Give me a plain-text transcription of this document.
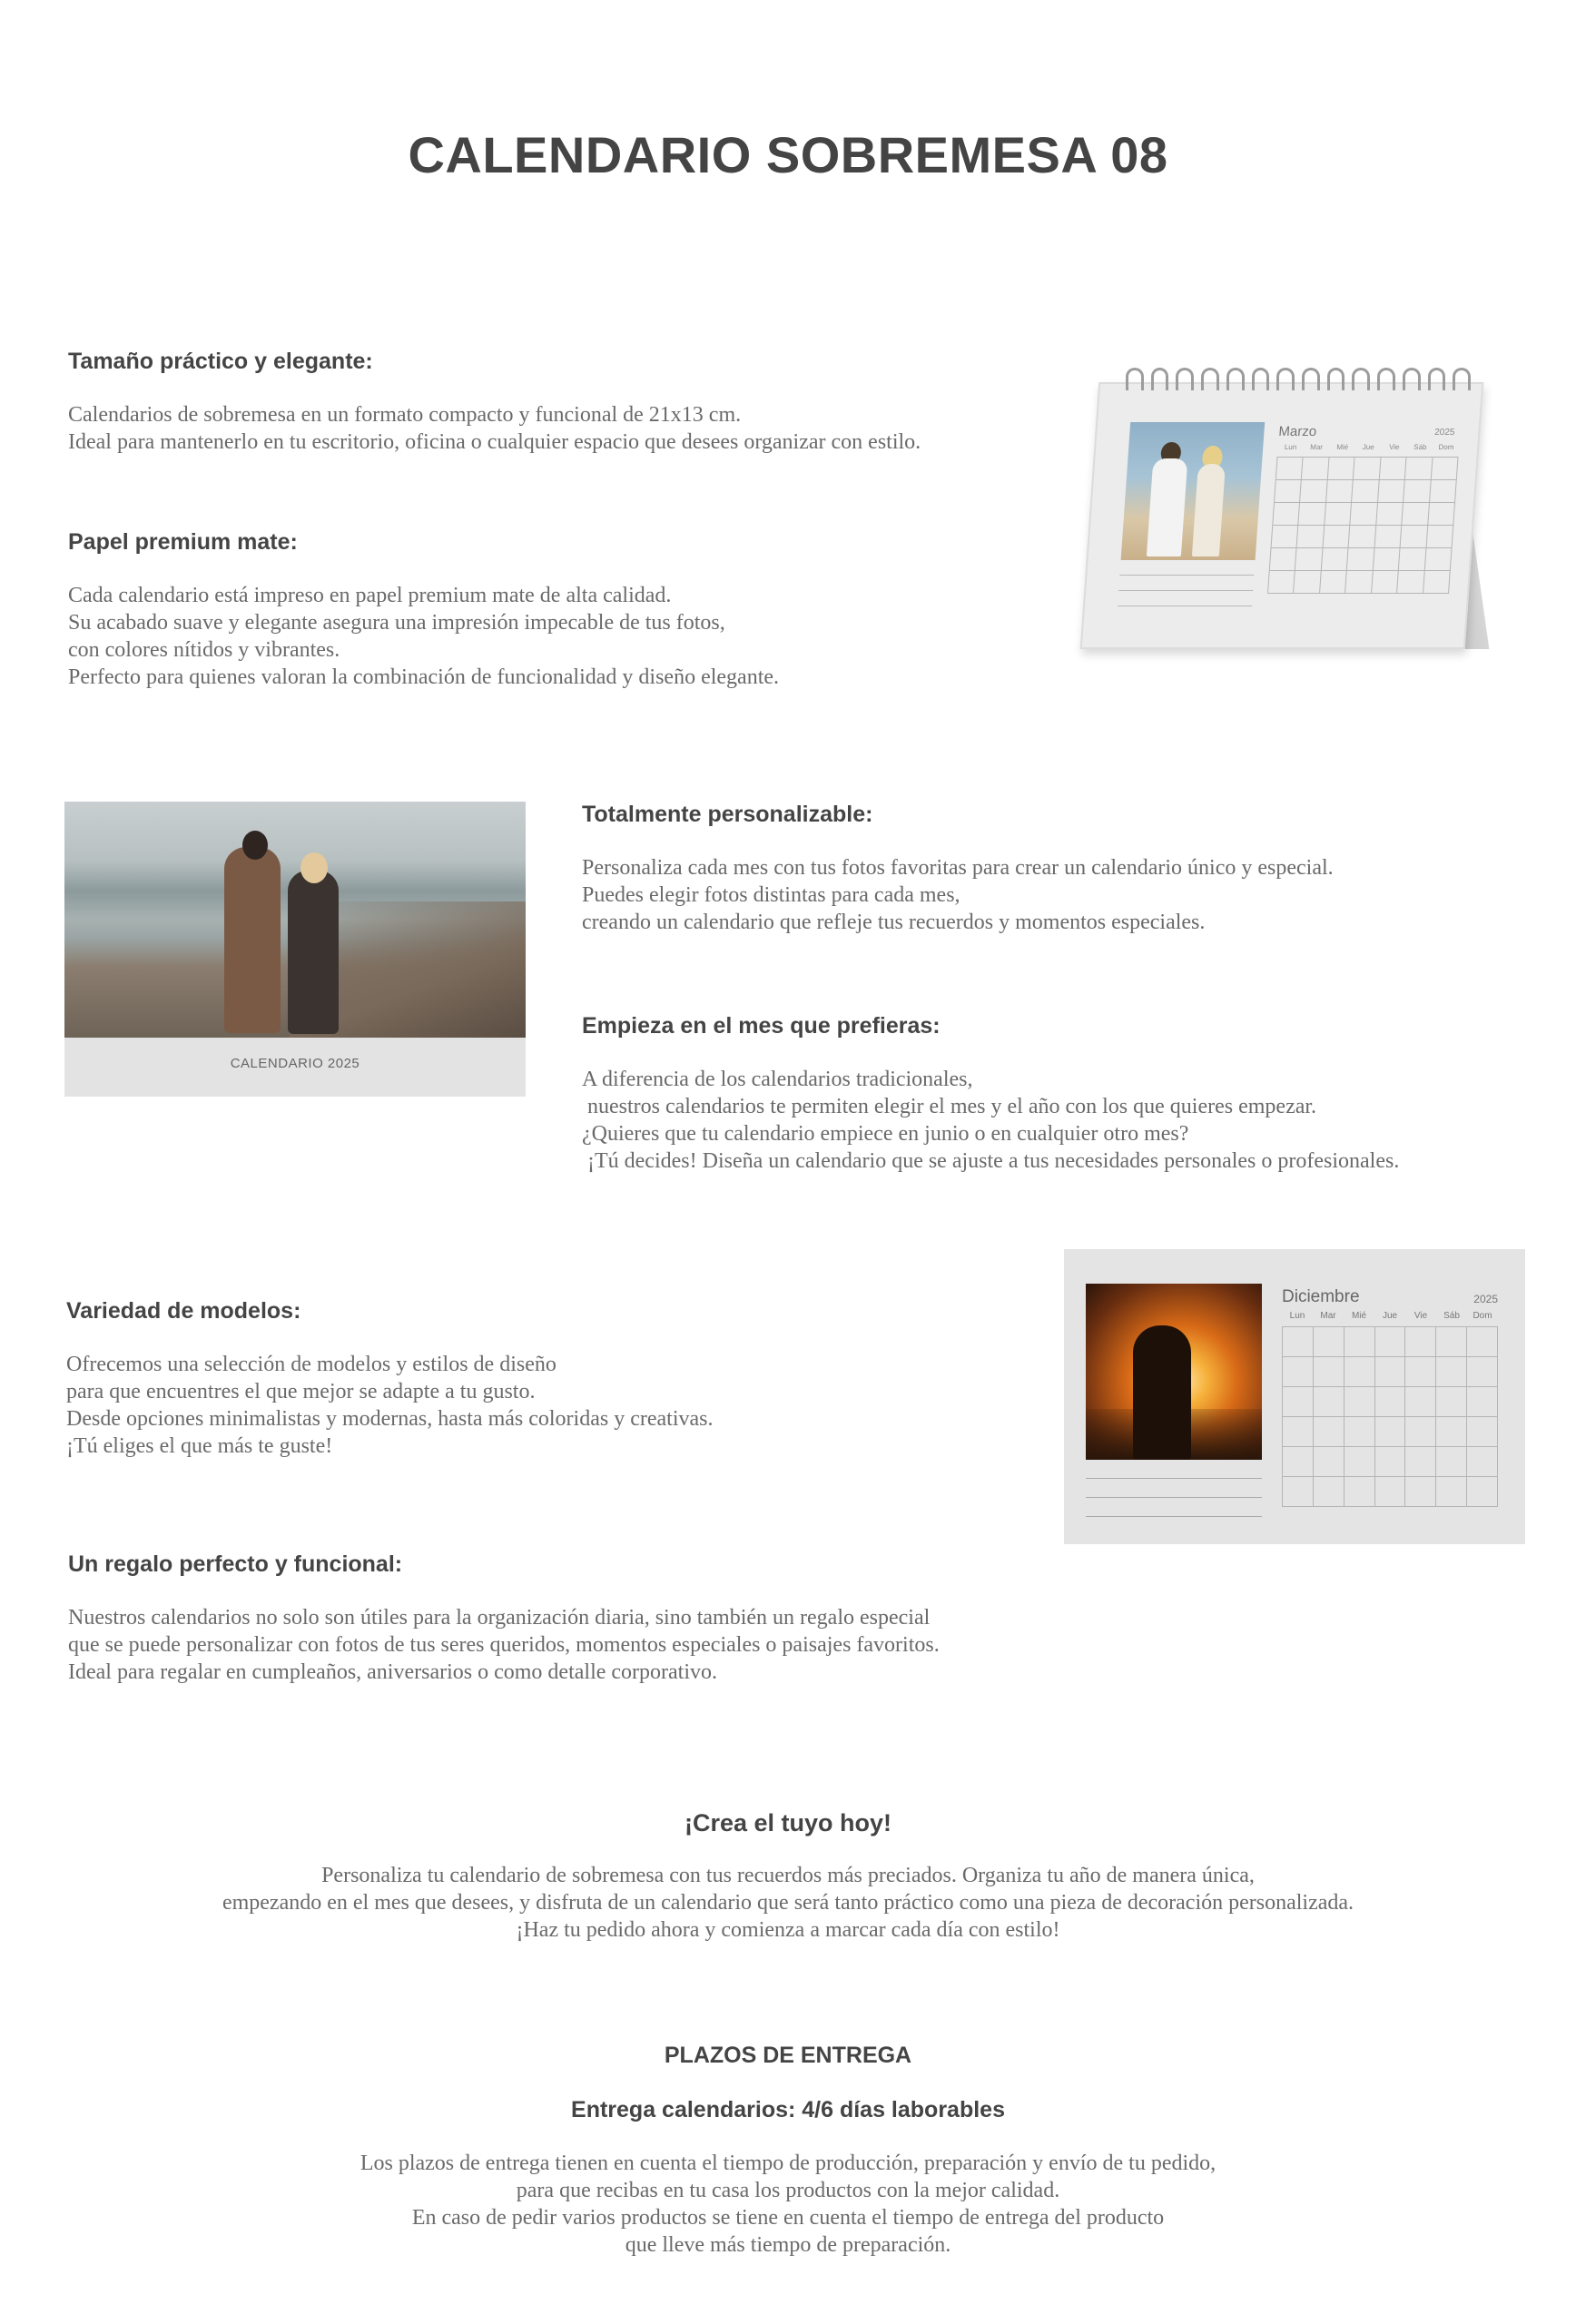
CALENDARIO SOBREMESA 08
Tamaño práctico y elegante:
Calendarios de sobremesa en un formato compacto y funcional de 21x13 cm.
Ideal para mantenerlo en tu escritorio, oficina o cualquier espacio que desees organizar con estilo.
Papel premium mate:
Cada calendario está impreso en papel premium mate de alta calidad.
Su acabado suave y elegante asegura una impresión impecable de tus fotos,
con colores nítidos y vibrantes.
Perfecto para quienes valoran la combinación de funcionalidad y diseño elegante.
Marzo	2025
Lun	Mar	Mié	Jue	Vie	Sáb	Dom
CALENDARIO 2025
Totalmente personalizable:
Personaliza cada mes con tus fotos favoritas para crear un calendario único y especial.
Puedes elegir fotos distintas para cada mes,
creando un calendario que refleje tus recuerdos y momentos especiales.
Empieza en el mes que prefieras:
A diferencia de los calendarios tradicionales,
nuestros calendarios te permiten elegir el mes y el año con los que quieres empezar.
¿Quieres que tu calendario empiece en junio o en cualquier otro mes?
¡Tú decides! Diseña un calendario que se ajuste a tus necesidades personales o profesionales.
Variedad de modelos:
Ofrecemos una selección de modelos y estilos de diseño
para que encuentres el que mejor se adapte a tu gusto.
Desde opciones minimalistas y modernas, hasta más coloridas y creativas.
¡Tú eliges el que más te guste!
Diciembre	2025
Lun	Mar	Mié	Jue	Vie	Sáb	Dom
Un regalo perfecto y funcional:
Nuestros calendarios no solo son útiles para la organización diaria, sino también un regalo especial
que se puede personalizar con fotos de tus seres queridos, momentos especiales o paisajes favoritos.
Ideal para regalar en cumpleaños, aniversarios o como detalle corporativo.
¡Crea el tuyo hoy!
Personaliza tu calendario de sobremesa con tus recuerdos más preciados. Organiza tu año de manera única,
empezando en el mes que desees, y disfruta de un calendario que será tanto práctico como una pieza de decoración personalizada.
¡Haz tu pedido ahora y comienza a marcar cada día con estilo!
PLAZOS DE ENTREGA
Entrega calendarios: 4/6 días laborables
Los plazos de entrega tienen en cuenta el tiempo de producción, preparación y envío de tu pedido,
para que recibas en tu casa los productos con la mejor calidad.
En caso de pedir varios productos se tiene en cuenta el tiempo de entrega del producto
que lleve más tiempo de preparación.
